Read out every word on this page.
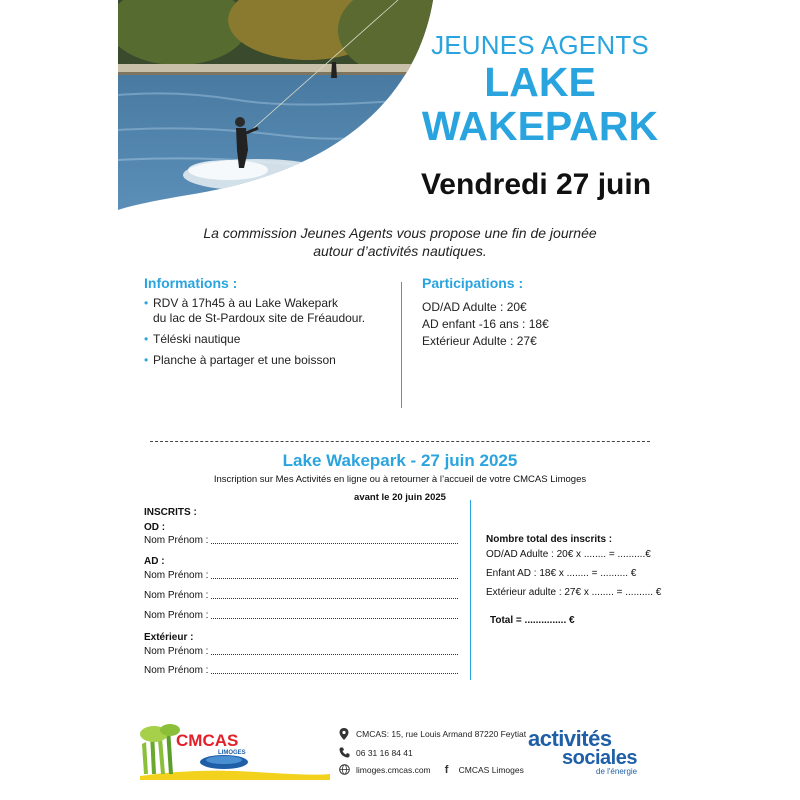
JEUNES AGENTS
LAKE
WAKEPARK
Vendredi 27 juin
La commission Jeunes Agents vous propose une fin de journée
autour d’activités nautiques.
Informations :
• RDV à 17h45 à au Lake Wakepark
du lac de St-Pardoux site de Fréaudour.
• Téléski nautique
• Planche à partager et une boisson
Participations :
OD/AD Adulte : 20€
AD enfant -16 ans : 18€
Extérieur Adulte : 27€
Lake Wakepark - 27 juin 2025
Inscription sur Mes Activités en ligne ou à retourner à l’accueil de votre CMCAS Limoges
avant le 20 juin 2025
INSCRITS :
OD :
Nom Prénom :
AD :
Nom Prénom :
Nom Prénom :
Nom Prénom :
Extérieur :
Nom Prénom :
Nom Prénom :
Nombre total des inscrits :
OD/AD Adulte : 20€ x ........ = ..........€
Enfant AD : 18€ x ........ = .......... €
Extérieur adulte : 27€ x ........ = .......... €
Total = ............... €
CMCAS
LIMOGES
CMCAS: 15, rue Louis Armand 87220 Feytiat
06 31 16 84 41
limoges.cmcas.com	f	CMCAS Limoges
activités
sociales
de l'énergie
